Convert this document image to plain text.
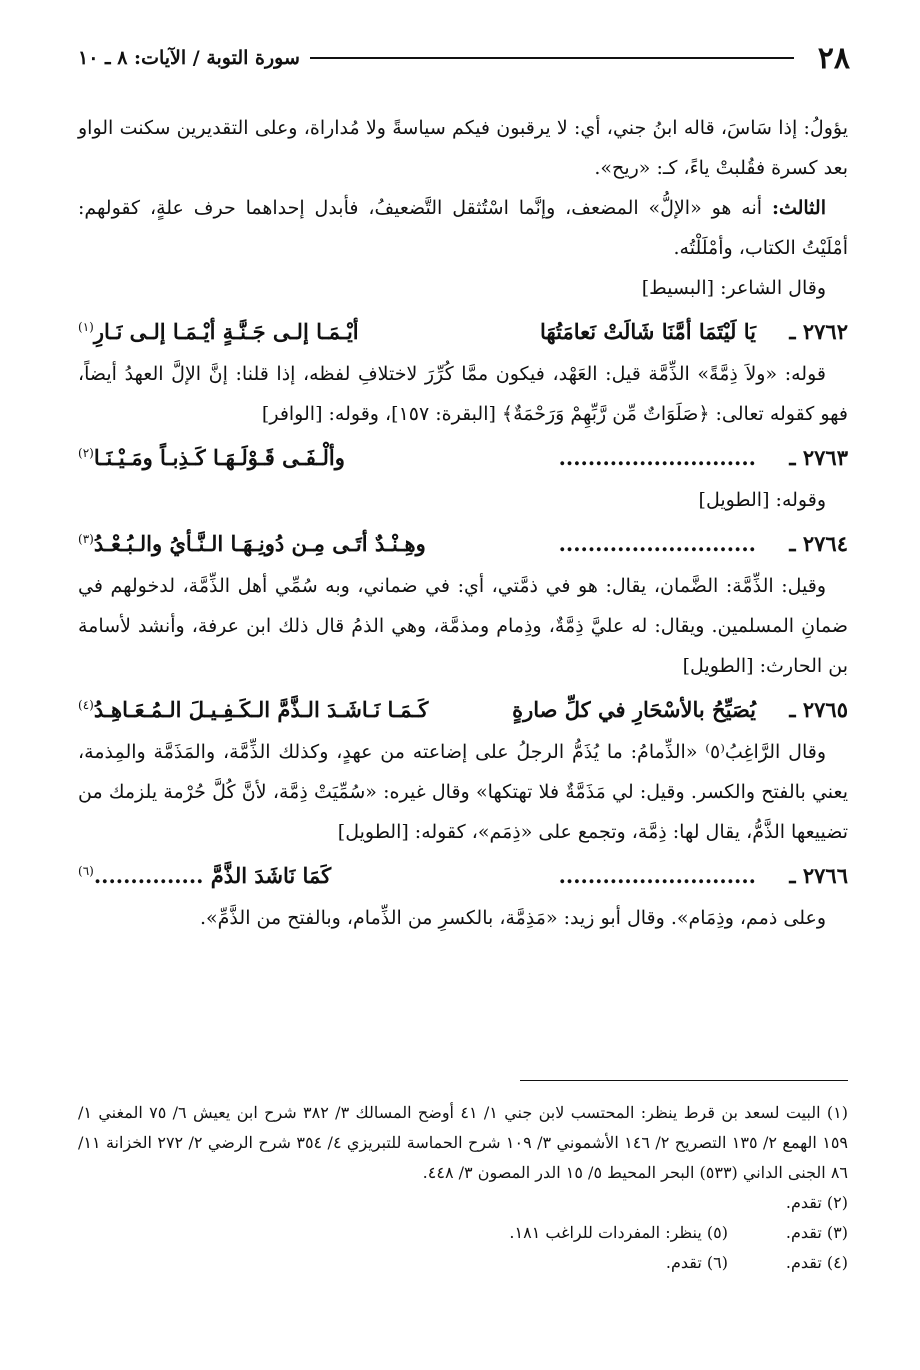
٢٨
سورة التوبة / الآيات: ٨ ـ ١٠

يؤولُ: إذا سَاسَ، قاله ابنُ جني، أي: لا يرقبون فيكم سياسةً ولا مُداراة، وعلى التقديرين سكنت الواو بعد كسرة فقُلبتْ ياءً، كـ: «ريح».

الثالث: أنه هو «الإلُّ» المضعف، وإنَّما اسْتُثقل التَّضعيفُ، فأبدل إحداهما حرف علةٍ، كقولهم: أمْلَيْتُ الكتاب، وأمْلَلْتُه.

وقال الشاعر: [البسيط]
٢٧٦٢ ـ
يَا لَيْتَمَا أمَّنَا شَالَتْ نَعامَتُهَا
أيْـمَـا إلـى جَـنَّـةٍ أيْـمَـا إلـى نَـارِ$^{(١)}$

قوله: «ولاَ ذِمَّةً» الذِّمَّة قيل: العَهْد، فيكون ممَّا كُرِّرَ لاختلافِ لفظه، إذا قلنا: إنَّ الإلَّ العهدُ أيضاً، فهو كقوله تعالى: ﴿صَلَوَاتٌ مِّن رَّبِّهِمْ وَرَحْمَةٌ﴾ [البقرة: ١٥٧]، وقوله: [الوافر]

٢٧٦٣ ـ
...........................
وألْـفَـى قَـوْلَـهَـا كَـذِبـاً ومَـيْـنَـا$^{(٢)}$
وقوله: [الطويل]
٢٧٦٤ ـ
...........................
وهِـنْـدٌ أتَـى مِـن دُونِـهَـا الـنَّـأيُ والـبُـعْـدُ$^{(٣)}$

وقيل: الذِّمَّة: الضَّمان، يقال: هو في ذمَّتي، أي: في ضماني، وبه سُمِّي أهل الذِّمَّة، لدخولهم في ضمانِ المسلمين. ويقال: له عليَّ ذِمَّةٌ، وذِمام ومذمَّة، وهي الذمُ قال ذلك ابن عرفة، وأنشد لأسامة بن الحارث: [الطويل]

٢٧٦٥ ـ
يُصَيِّحُ بالأسْحَارِ في كلِّ صارةٍ
كَـمَـا نَـاشَـدَ الـذَّمَّ الـكَـفِـيـلَ الـمُـعَـاهِـدُ$^{(٤)}$

وقال الرَّاغِبُ⁽٥⁾ «الذِّمامُ: ما يُذَمُّ الرجلُ على إضاعته من عهدٍ، وكذلك الذِّمَّة، والمَذَمَّة والمِذمة، يعني بالفتح والكسر. وقيل: لي مَذَمَّةٌ فلا تهتكها» وقال غيره: «سُمِّيَتْ ذِمَّة، لأنَّ كُلَّ حُرْمة يلزمك من تضييعها الذَّمُّ، يقال لها: ذِمَّة، وتجمع على «ذِمَم»، كقوله: [الطويل]

٢٧٦٦ ـ
...........................
كَمَا نَاشَدَ الذَّمَّ ...............$^{(٦)}$

وعلى ذمم، وذِمَام». وقال أبو زيد: «مَذِمَّة، بالكسرِ من الذِّمام، وبالفتح من الذَّمِّ».

(١) البيت لسعد بن قرط ينظر: المحتسب لابن جني ١/ ٤١ أوضح المسالك ٣/ ٣٨٢ شرح ابن يعيش ٦/ ٧٥ المغني ١/ ١٥٩ الهمع ٢/ ١٣٥ التصريح ٢/ ١٤٦ الأشموني ٣/ ١٠٩ شرح الحماسة للتبريزي ٤/ ٣٥٤ شرح الرضي ٢/ ٢٧٢ الخزانة ١١/ ٨٦ الجنى الداني (٥٣٣) البحر المحيط ٥/ ١٥ الدر المصون ٣/ ٤٤٨.

(٢) تقدم.
(٣) تقدم.
(٥) ينظر: المفردات للراغب ١٨١.
(٤) تقدم.
(٦) تقدم.
